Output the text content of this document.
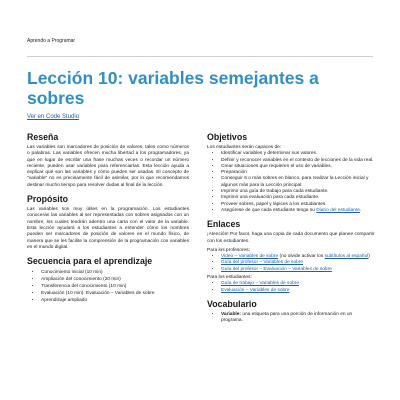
Aprendo a Programar
Lección 10: variables semejantes a sobres
Ver en Code Studio
Reseña

Las variables son marcadores de posición de valores, tales como números o palabras. Las variables ofrecen mucha libertad a los programadores, ya que en lugar de escribir una frase muchas veces o recordar un número reciente, pueden usar variables para referenciarlas. Esta lección ayuda a explicar qué son las variables y cómo pueden ser usadas. El concepto de "variable" no es precisamente fácil de asimilar, por lo que recomendamos destinar mucho tiempo para resolver dudas al final de la lección.

Propósito

Las variables son muy útiles en la programación. Los estudiantes conocerán las variables al ser representadas con sobres asignados con un nombre, los cuales tendrán adentro una carta con el valor de la variable. Esta lección ayudará a los estudiantes a entender cómo los nombres pueden ser marcadores de posición de valores en el mundo físico, de manera que se les facilite la comprensión de la programación con variables en el mundo digital.

Secuencia para el aprendizaje
• Conocimiento inicial (10 min)
• Ampliación del conocimiento (20 min)
• Transferencia del conocimiento (10 min)
• Evaluación (10 min): Evaluación – Variables de sobre
• Aprendizaje ampliado
Objetivos

Los estudiantes serán capaces de:

• Identificar variables y determinar sus valores.
• Definir y reconocer variables en el contexto de lecciones de la vida real.
• Crear situaciones que requieren el uso de variables.
• Preparación
• Conseguir 6 o más sobres en blanco, para realizar la Lección inicial y algunos más para la Lección principal.
• Imprimir una guía de trabajo para cada estudiante.
• Imprimir una evaluación para cada estudiante.
• Proveer sobres, papel y lápices a los estudiantes.
• Asegúrese de que cada estudiante tenga su Diario del estudiante.
Enlaces

¡Atención! Por favor, haga una copia de cada documento que planee compartir con los estudiantes.

Para los profesores:

• Video – Variables de sobre (no olvide activar los subtítulos al español)
• Guía del profesor – Variables de sobre
• Guía del profesor – Evaluación – Variables de sobre

Para los estudiantes:

• Guía de trabajo – Variables de sobre
• Evaluación – Variables de sobre
Vocabulario
• Variable: una etiqueta para una porción de información en un programa.
